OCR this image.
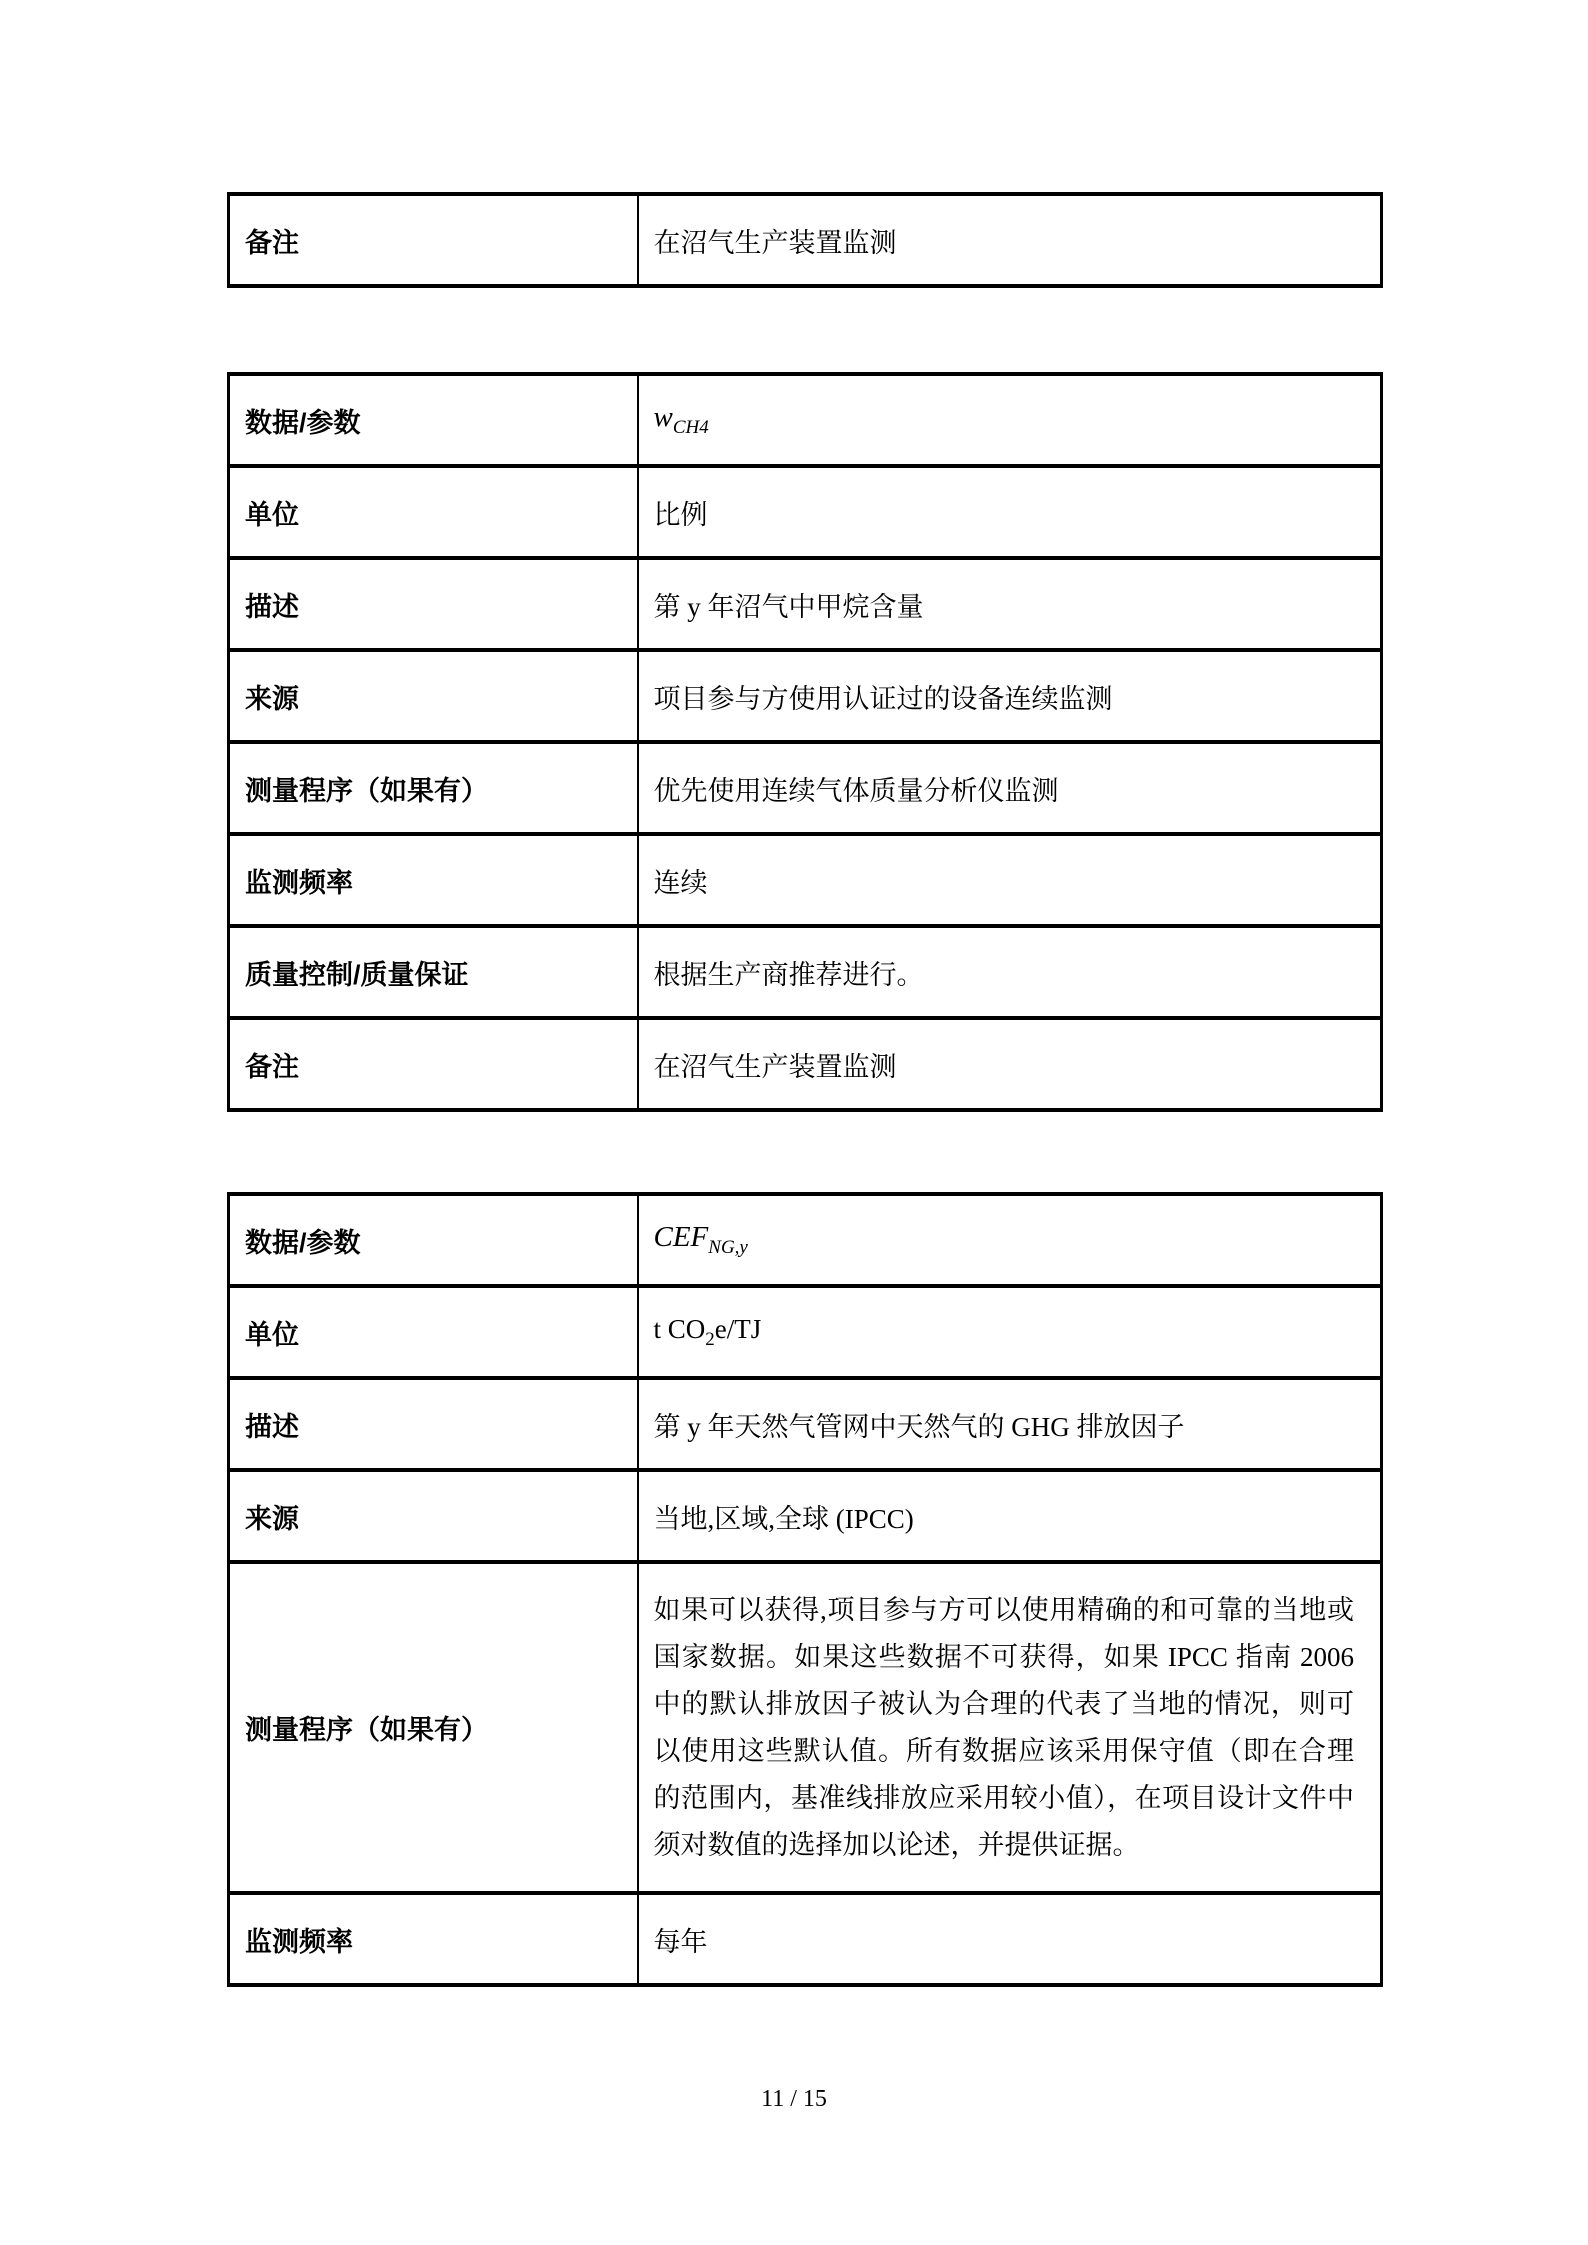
备注	在沼气生产装置监测
数据/参数	$w_{CH4}$
单位	比例
描述	第 y 年沼气中甲烷含量
来源	项目参与方使用认证过的设备连续监测
测量程序（如果有）	优先使用连续气体质量分析仪监测
监测频率	连续
质量控制/质量保证	根据生产商推荐进行。
备注	在沼气生产装置监测
数据/参数	$CEF_{NG,y}$
单位	t $CO_2e/TJ$
描述	第 y 年天然气管网中天然气的 GHG 排放因子
来源	当地,区域,全球 (IPCC)
测量程序（如果有）	如果可以获得,项目参与方可以使用精确的和可靠的当地或国家数据。如果这些数据不可获得，如果 IPCC 指南 2006 中的默认排放因子被认为合理的代表了当地的情况，则可以使用这些默认值。所有数据应该采用保守值（即在合理的范围内，基准线排放应采用较小值），在项目设计文件中须对数值的选择加以论述，并提供证据。
监测频率	每年
11 / 15
